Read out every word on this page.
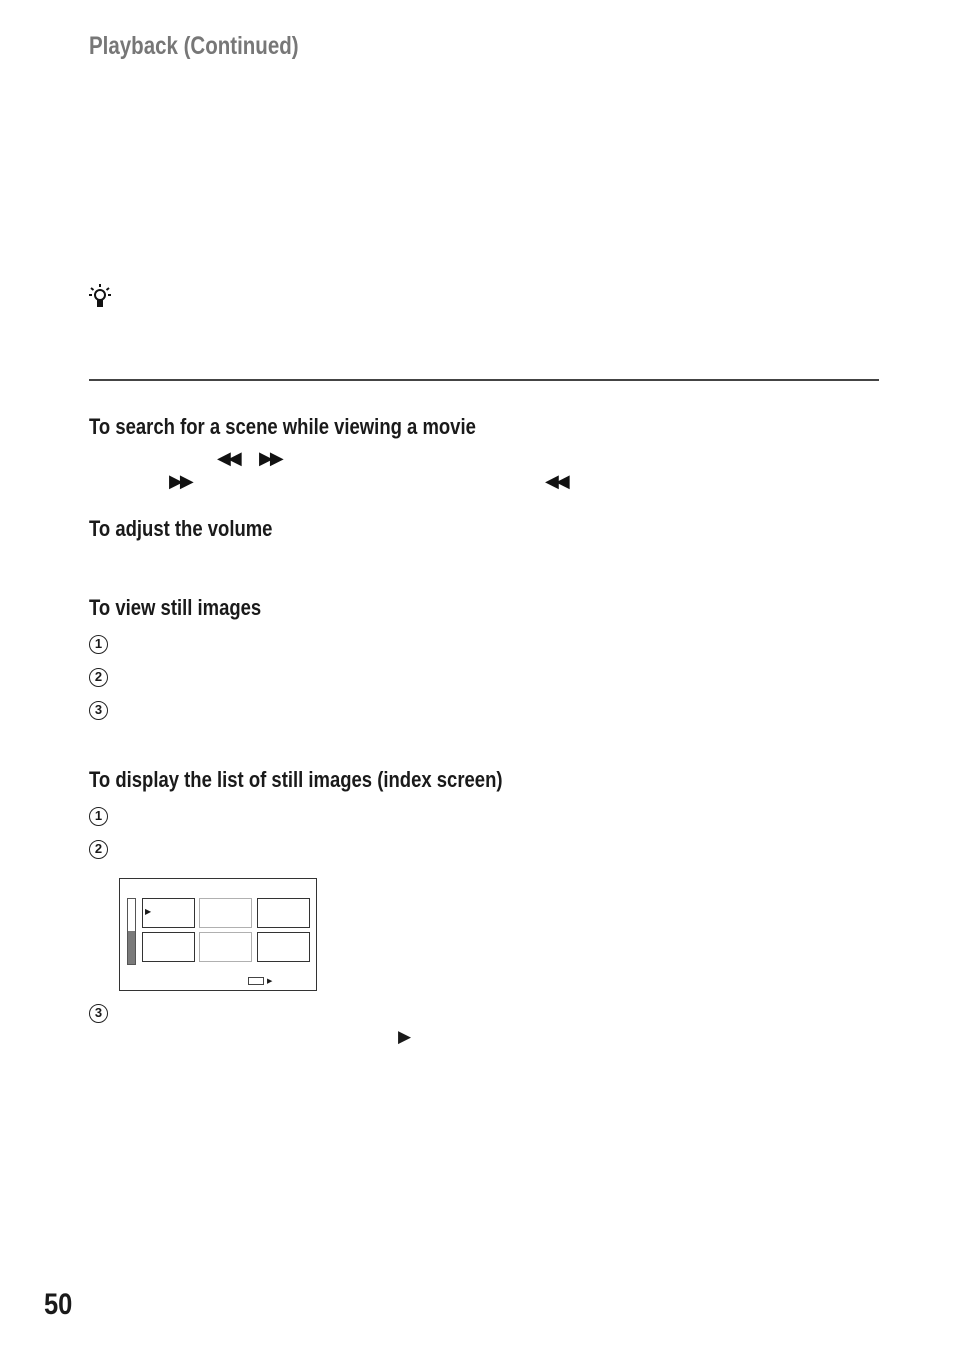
Playback (Continued)
To search for a scene while viewing a movie
◀◀ ▶▶
▶▶	◀◀
To adjust the volume
To view still images
1
2
3
To display the list of still images (index screen)
1
2
▶
▶
3
▶
50
